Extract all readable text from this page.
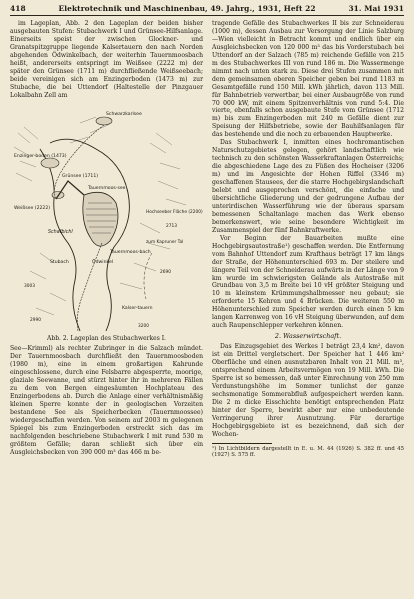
418	Elektrotechnik und Maschinenbau, 49. Jahrg., 1931, Heft 22	31. Mai 1931

im Lageplan, Abb. 2 den Lageplan der beiden bisher ausgebauten Stufen: Stubachwerk I und Grünsee-Hilfsanlage. Einerseits speist der zwischen Glockner- und Granatspitzgruppe liegende Kalsertauern den nach Norden abgehenden Ödwinkelbach, der weiterhin Tauernmoosbach heißt, andererseits entspringt im Weißsee (2222 m) der später den Grünsee (1711 m) durchfließende Weißseebach; beide vereinigen sich am Enzingerboden (1473 m) zur Stubache, die bei Uttendorf (Haltestelle der Pinzgauer Lokalbahn Zell am

Schwarzkarlsee
Enzinger-boden (1473)
Grünsee (1711)
Weißsee (2222)
Tauernmoos-see
Ödwinkel
Tauernmoos-bach
Hochseeber Fläche (2200)
Kalser-tauern
Schafbichl
zum Kapruner Tal
Stubach
2713
3003
2690
2990
3200
Abb. 2. Lageplan des Stubachwerkes I.

See—Krimml) als rechter Zubringer in die Salzach mündet. Der Tauernmoosbach durchfließt den Tauernmoosboden (1980 m), eine in einem großartigen Kahrunde eingeschlossene, durch eine Felsbarre abgesperrte, moorige, glaziale Seewanne, und stürzt hinter ihr in mehreren Fällen zu dem von Bergen eingesäumten Hochplateau des Enzingerbodens ab. Durch die Anlage einer verhältnismäßig kleinen Sperre konnte der in geologischen Vorzeiten bestandene See als Speicherbecken (Tauernmoossee) wiedergeschaffen werden. Von seinem auf 2003 m gelegenen Spiegel bis zum Enzingerboden erstreckt sich das im nachfolgenden beschriebene Stubachwerk I mit rund 530 m größtem Gefälle; daran schließt sich über ein Ausgleichsbecken von 390 000 m³ das 466 m be-

tragende Gefälle des Stubachwerkes II bis zur Schneiderau (1000 m), dessen Ausbau zur Versorgung der Linie Salzburg—Wien vielleicht in Betracht kommt und endlich über ein Ausgleichsbecken von 120 000 m³ das bis Vorderstubach bei Uttendorf an der Salzach (785 m) reichende Gefälle von 215 m des Stubachwerkes III von rund 186 m. Die Wassermenge nimmt nach unten stark zu. Diese drei Stufen zusammen mit dem gemeinsamen oberen Speicher geben bei rund 1183 m Gesamtgefälle rund 150 Mill. kWh jährlich, davon 113 Mill. für Bahnbetrieb verwertbar, bei einer Ausbaugröße von rund 70 000 kW, mit einem Spitzenverhältnis von rund 5:4. Die vierte, ebenfalls schon ausgebaute Stufe vom Grünsee (1712 m) bis zum Enzingerboden mit 240 m Gefälle dient zur Speisung der Hilfsbetriebe, sowie der Bauhilfsanlagen für das bestehende und die noch zu erbauenden Hauptwerke.

Das Stubachwerk I, inmitten eines hochromantischen Naturschutzgebietes gelegen, gehört landschaftlich wie technisch zu den schönsten Wasserkraftanlagen Österreichs; die abgeschiedene Lage des zu Füßen des Hocheiser (3206 m) und im Angesichte der Hohen Riffel (3346 m) geschaffenen Stausees, der die starre Hochgebirgslandschaft belebt und ausgeprochen verschönt, die einfache und übersichtliche Gliederung und der gedrungene Aufbau der unterirdischen Wasserführung wie der überaus sparsam bemessenen Schaltanlage machen das Werk ebenso bemerkenswert, wie seine besondere Wichtigkeit im Zusammenspiel der fünf Bahnkraftwerke.

Vor Beginn der Bauarbeiten mußte eine Hochgebirgsautostraße¹) geschaffen werden. Die Entfernung vom Bahnhof Uttendorf zum Krafthaus beträgt 17 km längs der Straße, der Höhenunterschied 693 m. Der steilere und längere Teil von der Schneiderau aufwärts in der Länge von 9 km wurde im schwierigsten Gelände als Autostraße mit Grundbau von 3,5 m Breite bei 10 vH größter Steigung und 10 m kleinstem Krümmungshalbmesser neu gebaut; sie erforderte 15 Kehren und 4 Brücken. Die weiteren 550 m Höhenunterschied zum Speicher werden durch einen 5 km langen Karrenweg von 16 vH Steigung überwunden, auf dem auch Raupenschlepper verkehren können.

2. Wasserwirtschaft.

Das Einzugsgebiet des Werkes I beträgt 23,4 km², davon ist ein Drittel vergletschert. Der Speicher hat 1 446 km² Oberfläche und einen ausnutzbaren Inhalt von 21 Mill. m³, entsprechend einem Arbeitsvermögen von 19 Mill. kWh. Die Sperre ist so bemessen, daß unter Einrechnung von 250 mm Verdunstungshöhe im Sommer tunlichst der ganze sechsmonatige Sommerabfluß aufgespeichert werden kann. Die 2 m dicke Eisschichte benötigt entsprechenden Platz hinter der Sperre, bewirkt aber nur eine unbedeutende Verringerung ihrer Ausnutzung. Für derartige Hochgebirgsgebiete ist es bezeichnend, daß sich der Wochen-

¹) In Lichtbildern dargestellt in E. u. M. 44 (1926) S. 382 ff. und 45 (1927) S. 575 ff.
